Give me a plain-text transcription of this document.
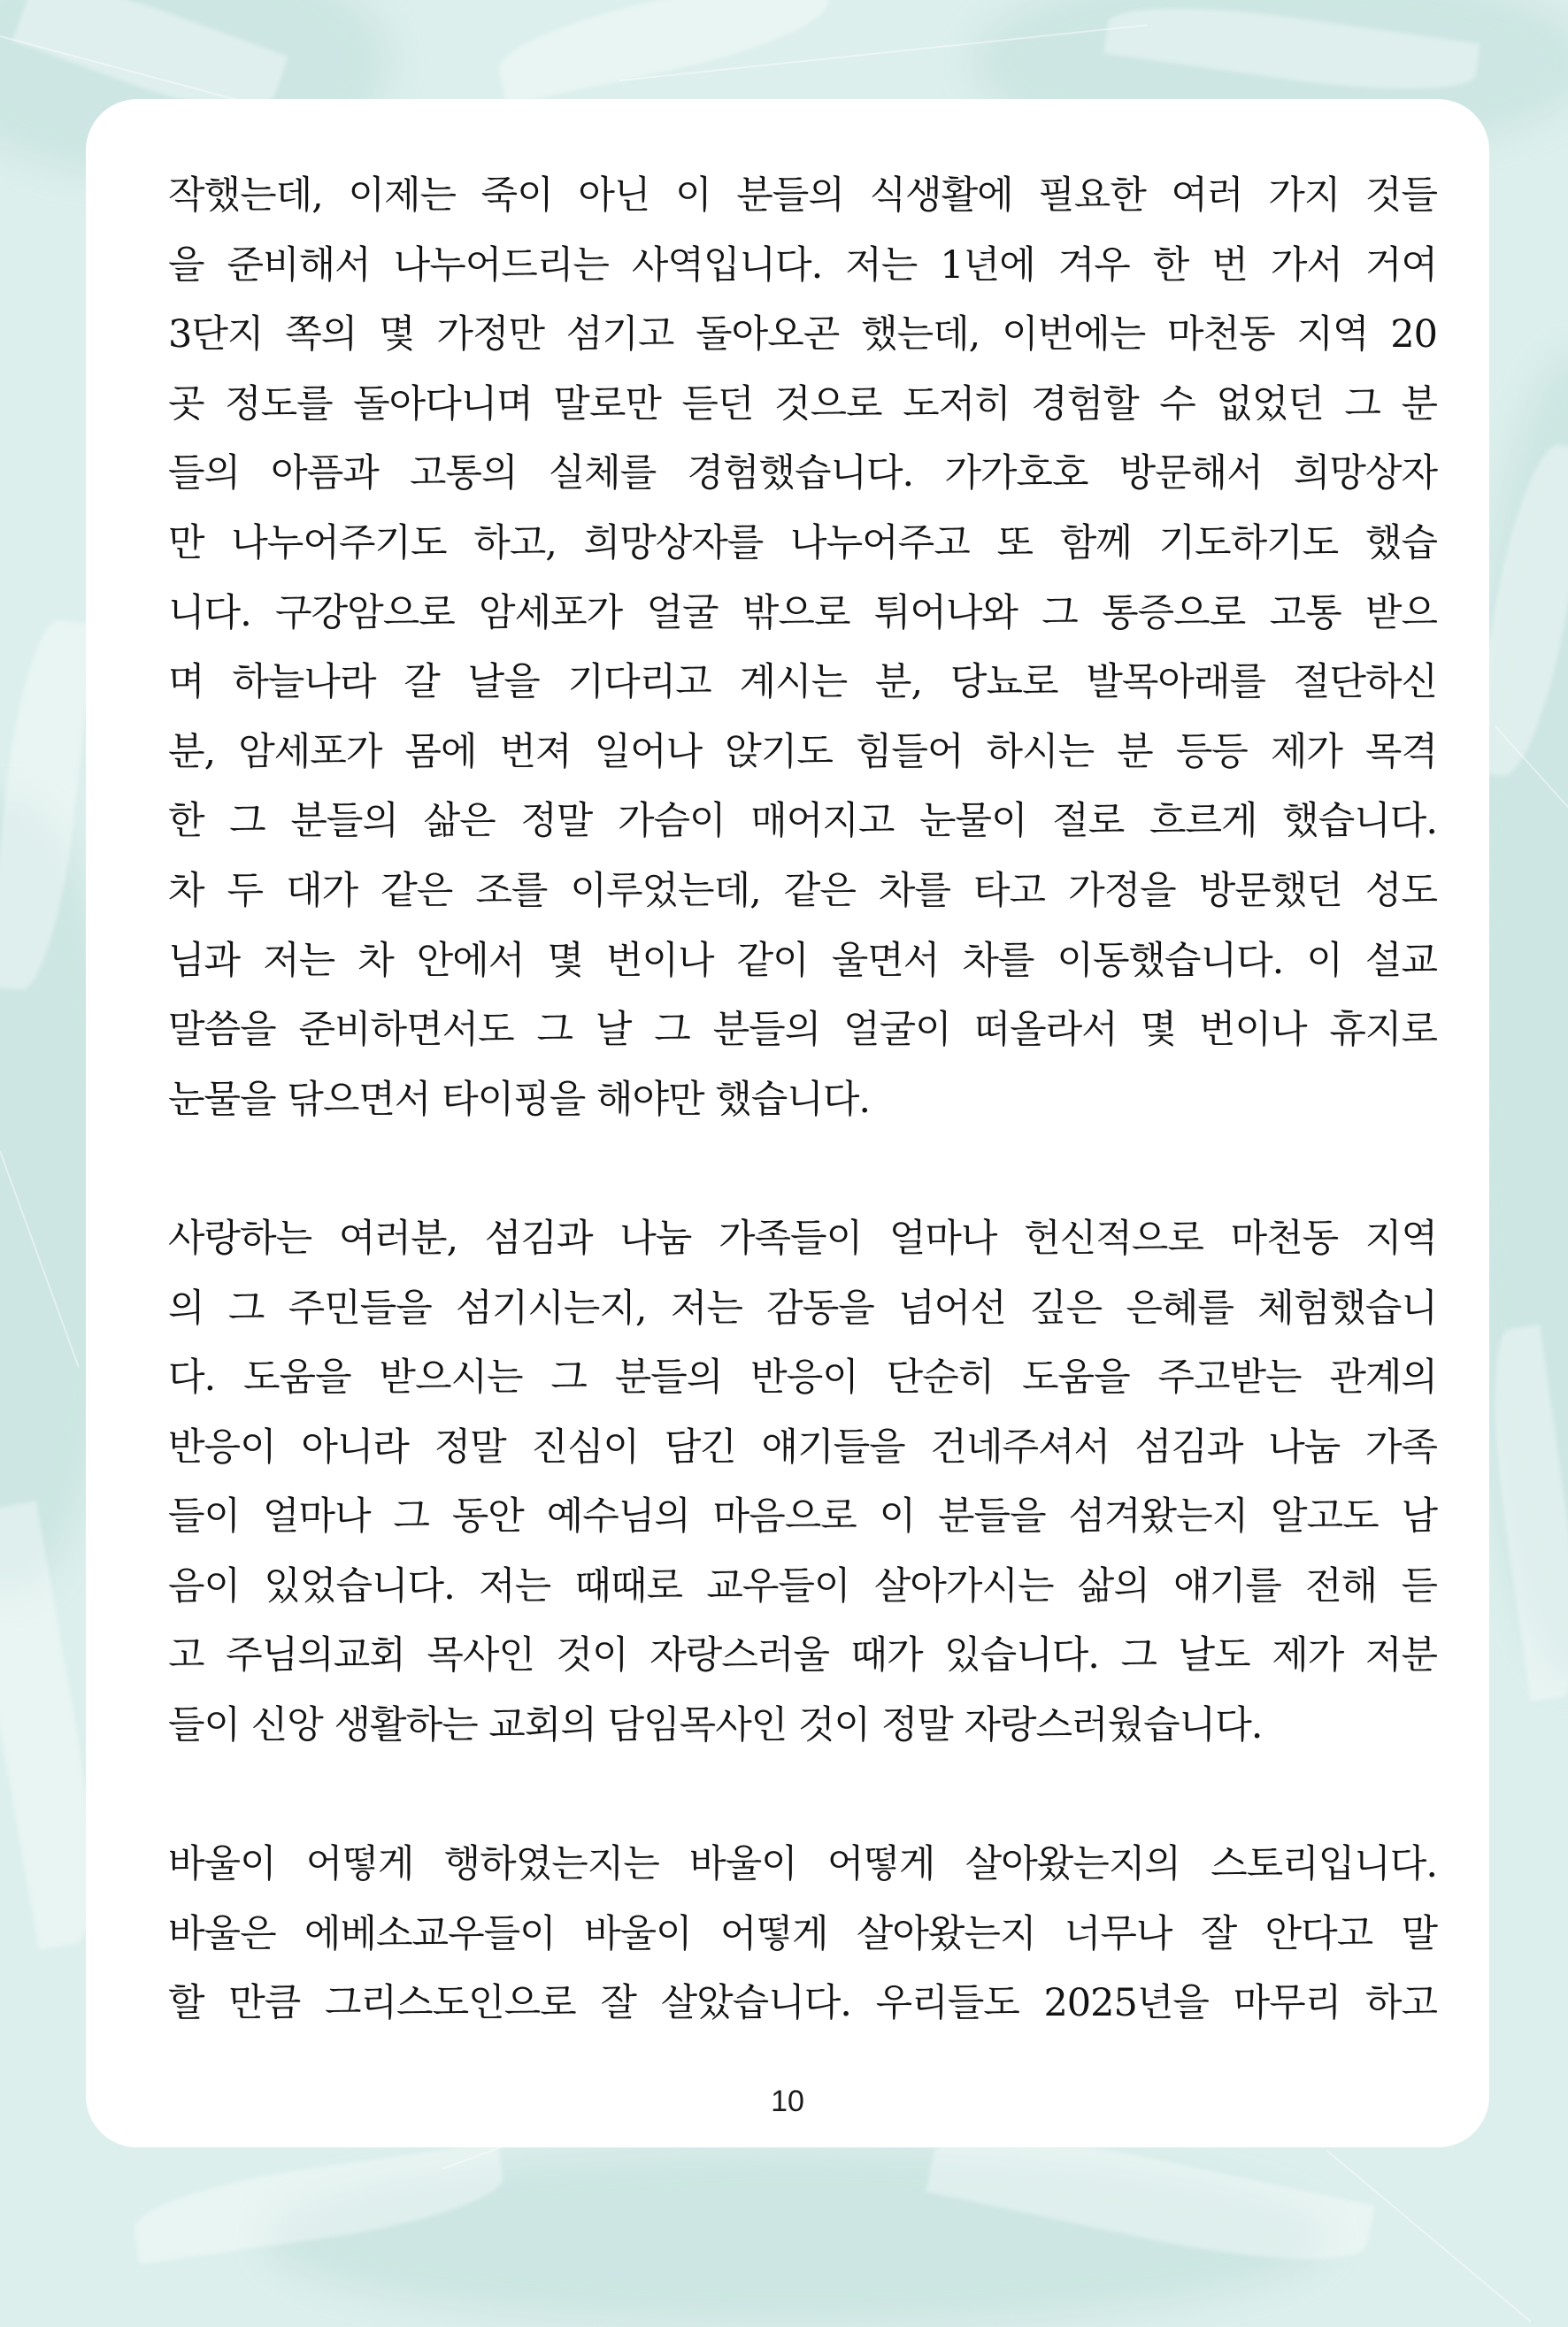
작했는데, 이제는 죽이 아닌 이 분들의 식생활에 필요한 여러 가지 것들
을 준비해서 나누어드리는 사역입니다. 저는 1년에 겨우 한 번 가서 거여
3단지 쪽의 몇 가정만 섬기고 돌아오곤 했는데, 이번에는 마천동 지역 20
곳 정도를 돌아다니며 말로만 듣던 것으로 도저히 경험할 수 없었던 그 분
들의 아픔과 고통의 실체를 경험했습니다. 가가호호 방문해서 희망상자
만 나누어주기도 하고, 희망상자를 나누어주고 또 함께 기도하기도 했습
니다. 구강암으로 암세포가 얼굴 밖으로 튀어나와 그 통증으로 고통 받으
며 하늘나라 갈 날을 기다리고 계시는 분, 당뇨로 발목아래를 절단하신
분, 암세포가 몸에 번져 일어나 앉기도 힘들어 하시는 분 등등 제가 목격
한 그 분들의 삶은 정말 가슴이 매어지고 눈물이 절로 흐르게 했습니다.
차 두 대가 같은 조를 이루었는데, 같은 차를 타고 가정을 방문했던 성도
님과 저는 차 안에서 몇 번이나 같이 울면서 차를 이동했습니다. 이 설교
말씀을 준비하면서도 그 날 그 분들의 얼굴이 떠올라서 몇 번이나 휴지로
눈물을 닦으면서 타이핑을 해야만 했습니다.
사랑하는 여러분, 섬김과 나눔 가족들이 얼마나 헌신적으로 마천동 지역
의 그 주민들을 섬기시는지, 저는 감동을 넘어선 깊은 은혜를 체험했습니
다. 도움을 받으시는 그 분들의 반응이 단순히 도움을 주고받는 관계의
반응이 아니라 정말 진심이 담긴 얘기들을 건네주셔서 섬김과 나눔 가족
들이 얼마나 그 동안 예수님의 마음으로 이 분들을 섬겨왔는지 알고도 남
음이 있었습니다. 저는 때때로 교우들이 살아가시는 삶의 얘기를 전해 듣
고 주님의교회 목사인 것이 자랑스러울 때가 있습니다. 그 날도 제가 저분
들이 신앙 생활하는 교회의 담임목사인 것이 정말 자랑스러웠습니다.
바울이 어떻게 행하였는지는 바울이 어떻게 살아왔는지의 스토리입니다.
바울은 에베소교우들이 바울이 어떻게 살아왔는지 너무나 잘 안다고 말
할 만큼 그리스도인으로 잘 살았습니다. 우리들도 2025년을 마무리 하고
10
